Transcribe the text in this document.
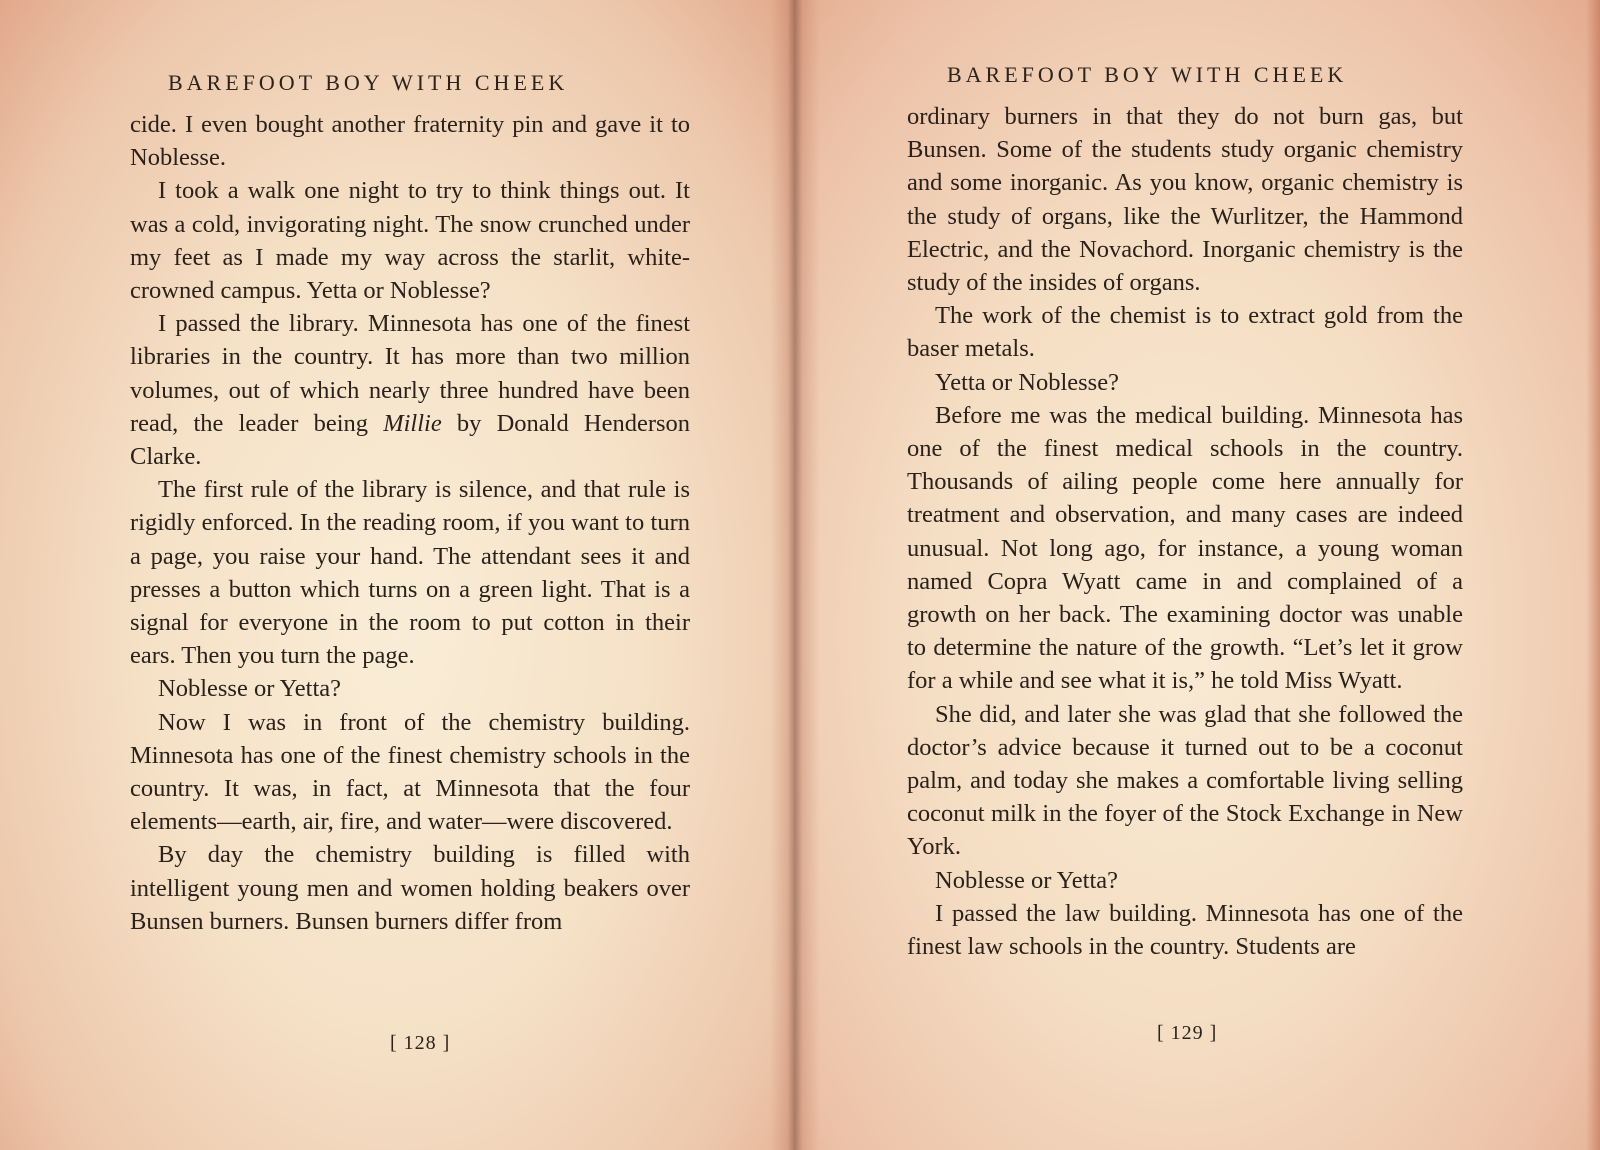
BAREFOOT BOY WITH CHEEK

cide. I even bought another fraternity pin and gave it to Noblesse.

I took a walk one night to try to think things out. It was a cold, invigorating night. The snow crunched under my feet as I made my way across the starlit, white-crowned campus. Yetta or Noblesse?

I passed the library. Minnesota has one of the finest libraries in the country. It has more than two million volumes, out of which nearly three hundred have been read, the leader being Millie by Donald Henderson Clarke.

The first rule of the library is silence, and that rule is rigidly enforced. In the reading room, if you want to turn a page, you raise your hand. The attendant sees it and presses a button which turns on a green light. That is a signal for everyone in the room to put cotton in their ears. Then you turn the page.

Noblesse or Yetta?

Now I was in front of the chemistry building. Minnesota has one of the finest chemistry schools in the country. It was, in fact, at Minnesota that the four elements—earth, air, fire, and water—were discovered.

By day the chemistry building is filled with intelligent young men and women holding beakers over Bunsen burners. Bunsen burners differ from

[ 128 ]
BAREFOOT BOY WITH CHEEK

ordinary burners in that they do not burn gas, but Bunsen. Some of the students study organic chemistry and some inorganic. As you know, organic chemistry is the study of organs, like the Wurlitzer, the Hammond Electric, and the Novachord. Inorganic chemistry is the study of the insides of organs.

The work of the chemist is to extract gold from the baser metals.

Yetta or Noblesse?

Before me was the medical building. Minnesota has one of the finest medical schools in the country. Thousands of ailing people come here annually for treatment and observation, and many cases are indeed unusual. Not long ago, for instance, a young woman named Copra Wyatt came in and complained of a growth on her back. The examining doctor was unable to determine the nature of the growth. “Let’s let it grow for a while and see what it is,” he told Miss Wyatt.

She did, and later she was glad that she followed the doctor’s advice because it turned out to be a coconut palm, and today she makes a comfortable living selling coconut milk in the foyer of the Stock Exchange in New York.

Noblesse or Yetta?

I passed the law building. Minnesota has one of the finest law schools in the country. Students are

[ 129 ]
